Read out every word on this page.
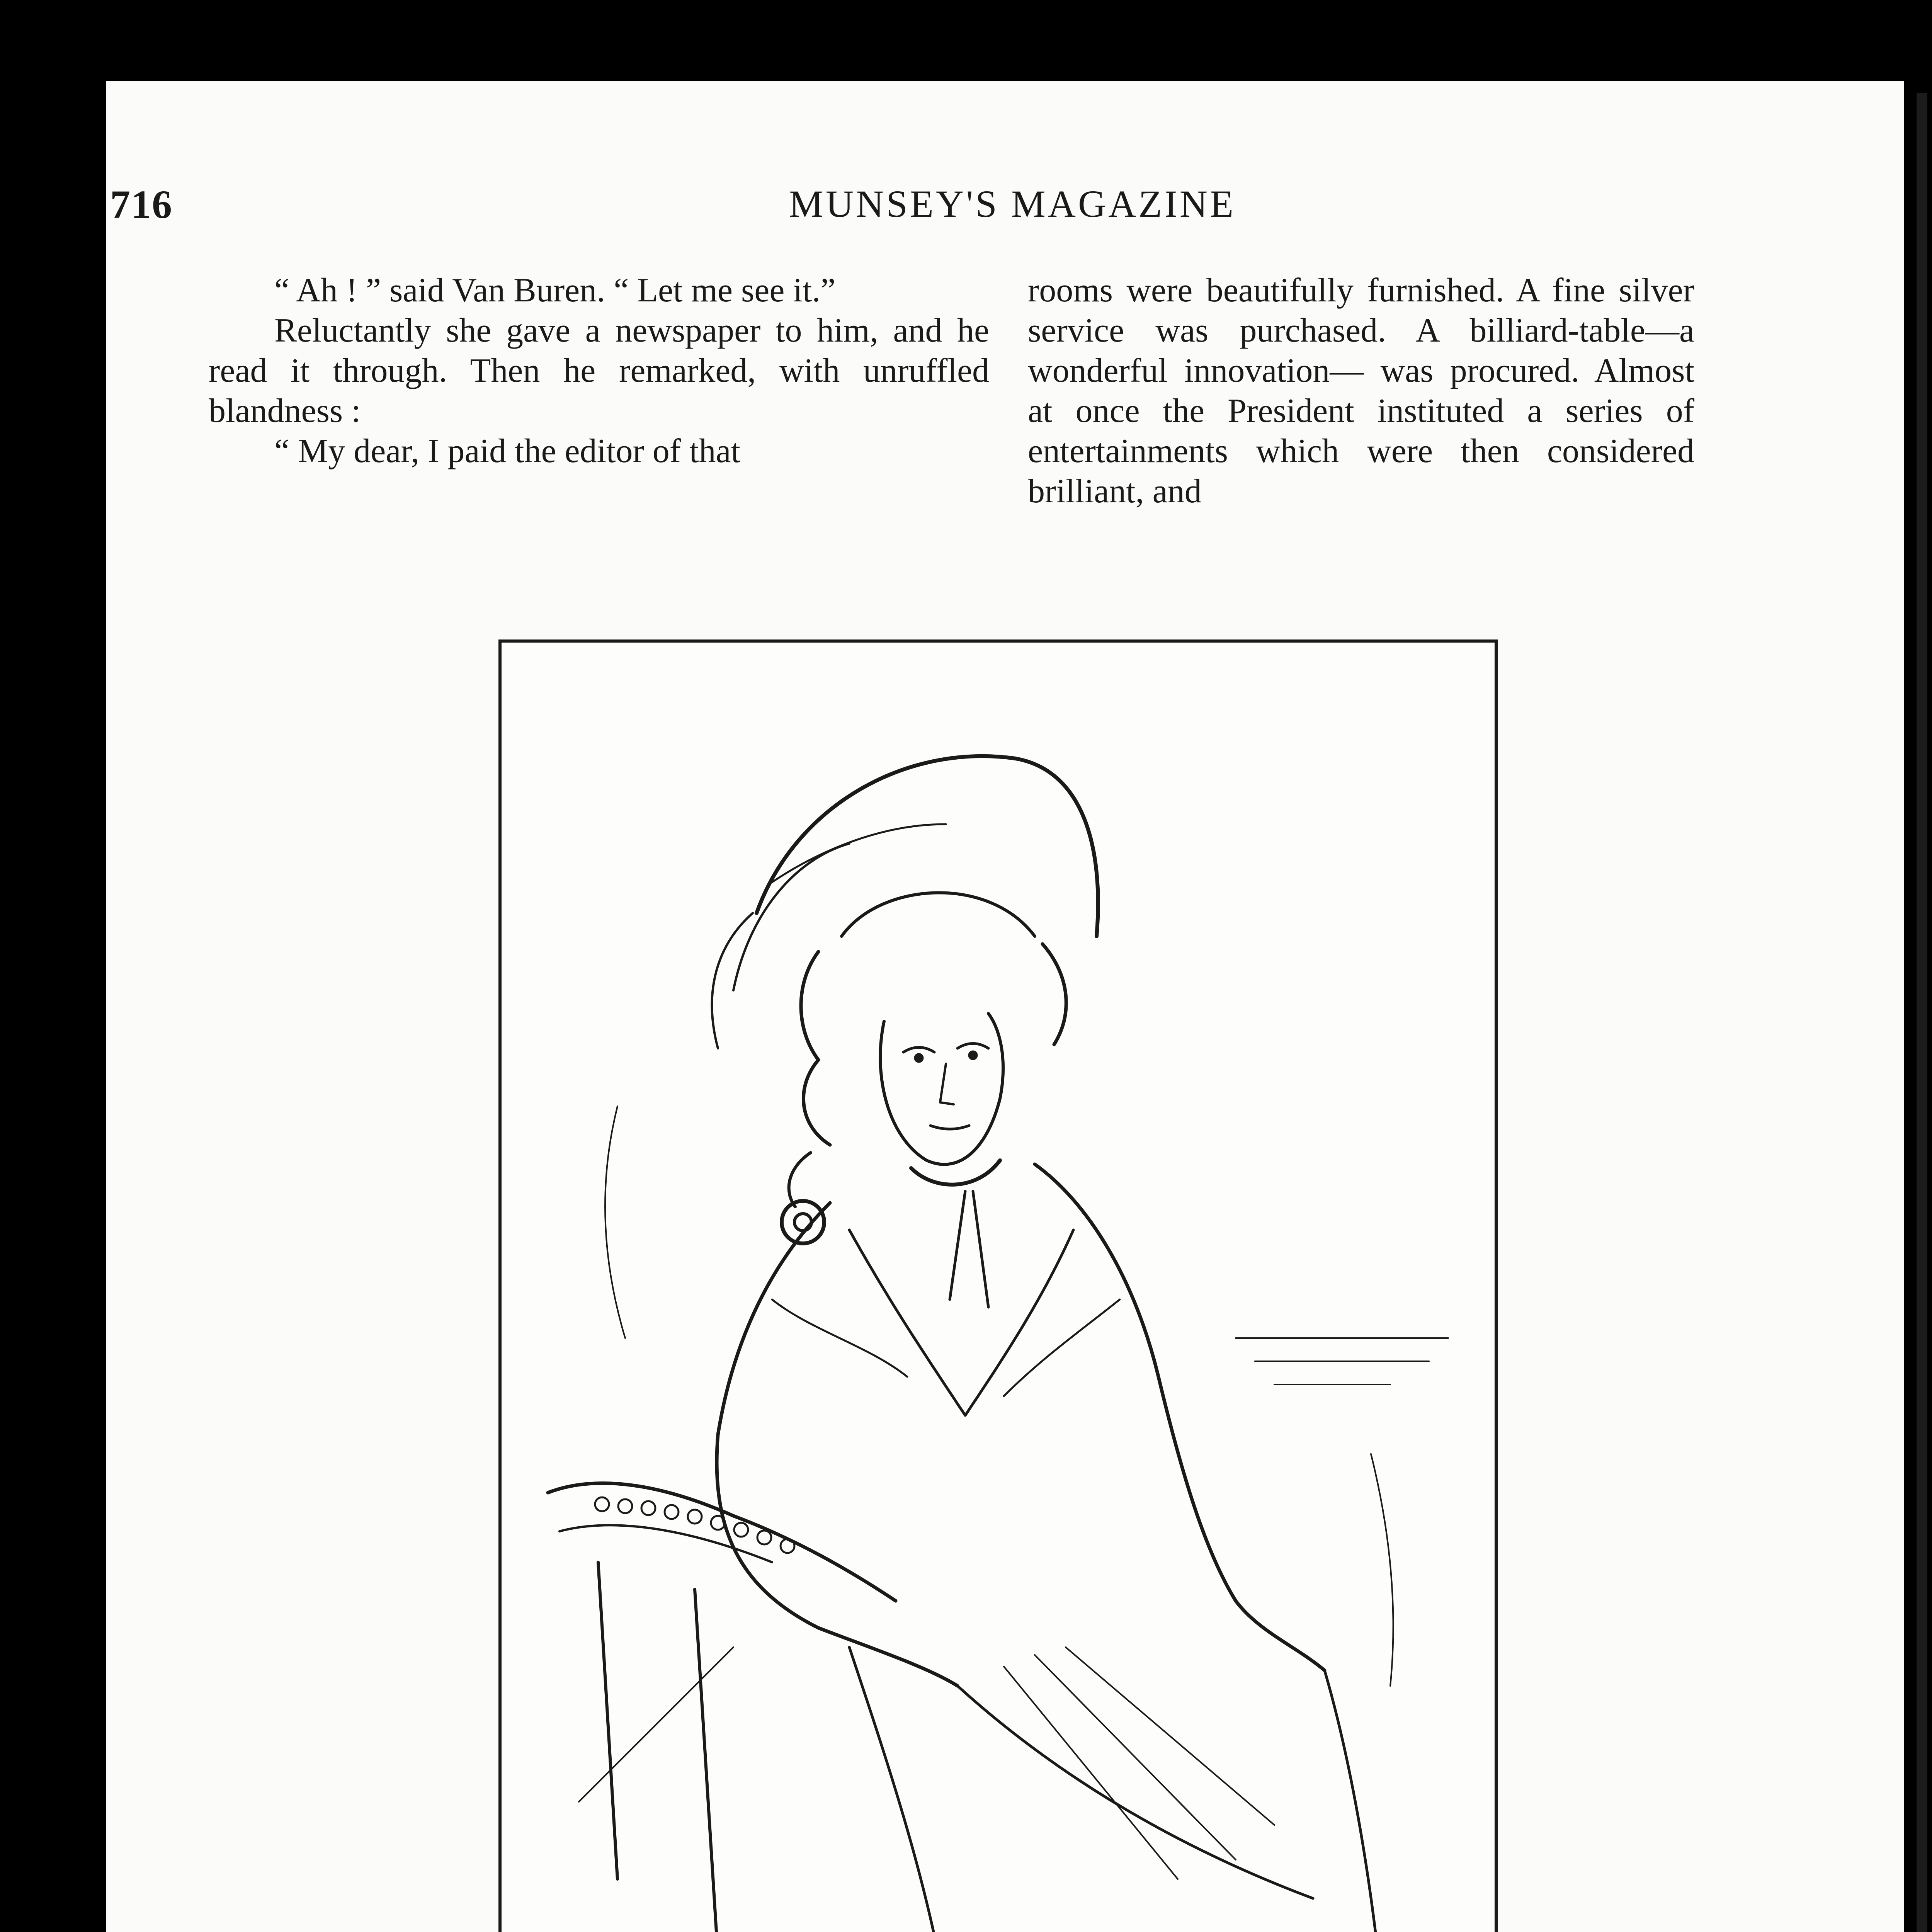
716	MUNSEY'S MAGAZINE

“ Ah ! ” said Van Buren. “ Let me see it.”

Reluctantly she gave a newspaper to him, and he read it through. Then he remarked, with unruffled blandness :

“ My dear, I paid the editor of that

rooms were beautifully furnished. A fine silver service was purchased. A billiard-table—a wonderful innovation— was procured. Almost at once the President instituted a series of entertainments which were then considered brilliant, and
